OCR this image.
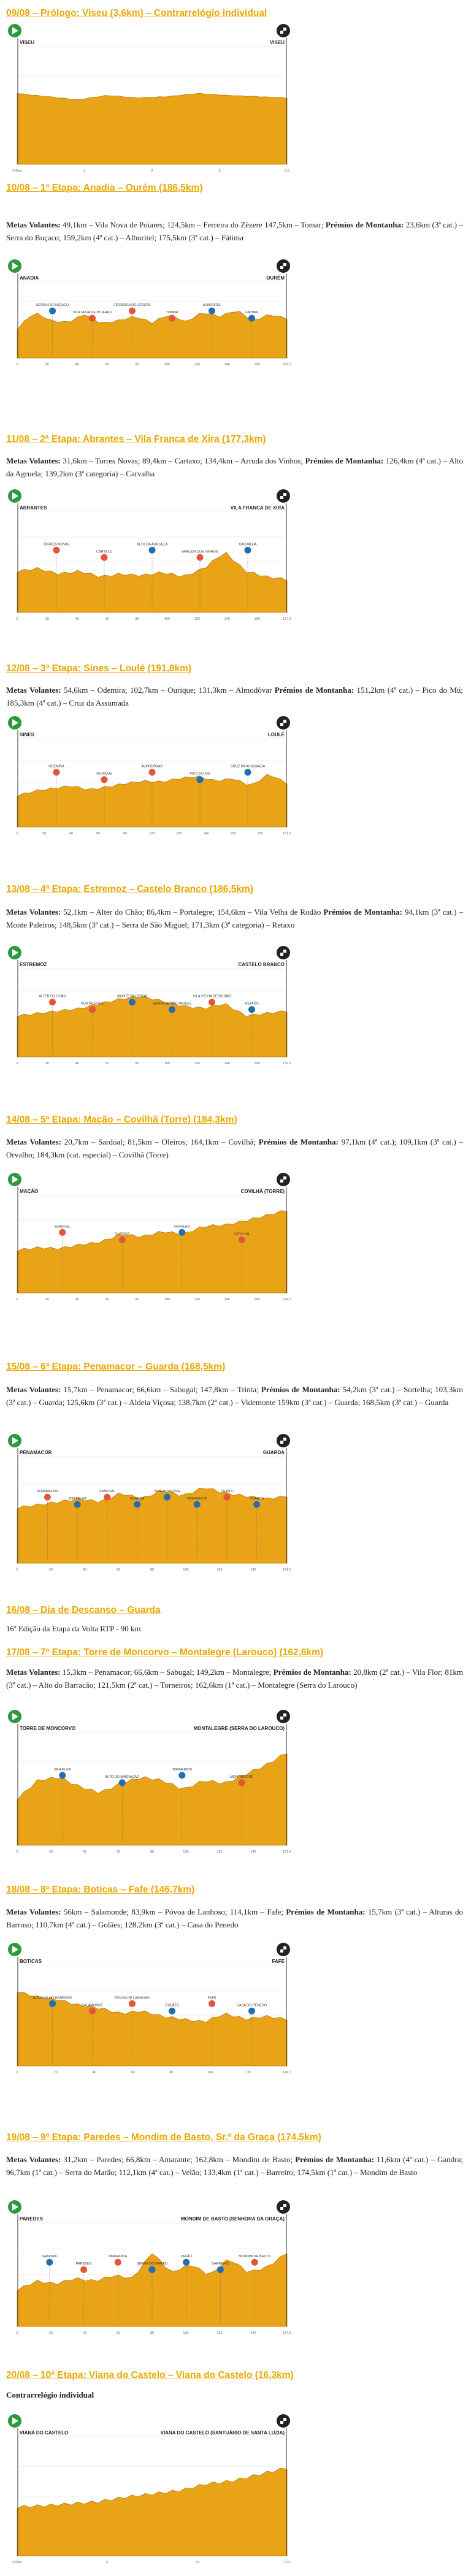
09/08 – Prólogo: Viseu (3,6km) – Contrarrelógio individual
VISEU	VISEU
0,0km	1	2	3	3,6
10/08 – 1ª Etapa: Anadia – Ourém (186,5km)
Metas Volantes: 49,1km – Vila Nova de Poiares; 124,5km – Ferreira do Zêzere 147,5km – Tomar; Prémios de Montanha: 23,6km (3ª cat.) – Serra do Buçaco; 159,2km (4ª cat.) – Alburitel; 175,5km (3ª cat.) – Fátima
ANADIA	OURÉM
0	20	40	60	80	100	120	140	160	186,5
SERRA DO BUÇACO
VILA NOVA DE POIARES
FERREIRA DO ZÊZERE
TOMAR
ALBURITEL
FÁTIMA
11/08 – 2ª Etapa: Abrantes – Vila Franca de Xira (177,3km)
Metas Volantes: 31,6km – Torres Novas; 89,4km – Cartaxo; 134,4km – Arruda dos Vinhos; Prémios de Montanha: 126,4km (4ª cat.) – Alto da Agruela; 139,2km (3ª categoria) – Carvalha
ABRANTES	VILA FRANCA DE XIRA
0	20	40	60	80	100	120	140	160	177,3
TORRES NOVAS
CARTAXO
ALTO DA AGRUELA
ARRUDA DOS VINHOS
CARVALHA
12/08 – 3ª Etapa: Sines – Loulé (191,8km)
Metas Volantes: 54,6km – Odemira; 102,7km – Ourique; 131,3km – Almodôvar Prémios de Montanha: 151,2km (4ª cat.) – Pico do Mú; 185,3km (4ª cat.) – Cruz da Assumada
SINES	LOULÉ
0	20	40	60	80	100	120	140	160	180	191,8
ODEMIRA
OURIQUE
ALMODÔVAR
PICO DO MÚ
CRUZ DA ASSUMADA
13/08 – 4ª Etapa: Estremoz – Castelo Branco (186,5km)
Metas Volantes: 52,1km – Alter do Chão; 86,4km – Portalegre; 154,6km – Vila Velha de Rodão Prémios de Montanha: 94,1km (3ª cat.) – Monte Paleiros; 148,5km (3ª cat.) – Serra de São Miguel; 171,3km (3ª categoria) – Retaxo
ESTREMOZ	CASTELO BRANCO
0	20	40	60	80	100	120	140	160	186,5
ALTER DO CHÃO
PORTALEGRE
MONTE PALEIROS
SERRA DE SÃO MIGUEL
VILA VELHA DE RODÃO
RETAXO
14/08 – 5ª Etapa: Mação – Covilhã (Torre) (184,3km)
Metas Volantes: 20,7km – Sardoal; 81,5km – Oleiros; 164,1km – Covilhã; Prémios de Montanha: 97,1km (4ª cat.); 109,1km (3ª cat.) – Orvalho; 184,3km (cat. especial) – Covilhã (Torre)
MAÇÃO	COVILHÃ (TORRE)
0	20	40	60	80	100	120	140	160	184,3
SARDOAL
OLEIROS
ORVALHO
COVILHÃ
15/08 – 6ª Etapa: Penamacor – Guarda (168,5km)
Metas Volantes: 15,7km – Penamacor; 66,6km – Sabugal; 147,8km – Trinta; Prémios de Montanha: 54,2km (3ª cat.) – Sortelha; 103,3km (3ª cat.) – Guarda; 125,6km (3ª cat.) – Aldeia Viçosa; 138,7km (2ª cat.) – Videmonte 159km (3ª cat.) – Guarda; 168,5km (3ª cat.) – Guarda
PENAMACOR	GUARDA
0	20	40	60	80	100	120	140	168,5
PENAMACOR
SORTELHA
SABUGAL
GUARDA
ALDEIA VIÇOSA
VIDEMONTE
TRINTA
GUARDA
16/08 – Dia de Descanso – Guarda
16ª Edição da Etapa da Volta RTP - 90 km
17/08 – 7ª Etapa: Torre de Moncorvo – Montalegre (Larouco) (162,6km)
Metas Volantes: 15,3km – Penamacor; 66,6km – Sabugal; 149,2km – Montalegre; Prémios de Montanha: 20,8km (2ª cat.) – Vila Flor; 81km (3ª cat.) – Alto do Barracão; 121,5km (2ª cat.) – Torneiros; 162,6km (1ª cat.) – Montalegre (Serra do Larouco)
TORRE DE MONCORVO	MONTALEGRE (SERRA DO LAROUCO)
0	20	40	60	80	100	120	140	162,6
VILA FLOR
ALTO DO BARRACÃO
TORNEIROS
MONTALEGRE
18/08 – 8ª Etapa: Boticas – Fafe (146,7km)
Metas Volantes: 56km – Salamonde; 83,9km – Póvoa de Lanhoso; 114,1km – Fafe; Prémios de Montanha: 15,7km (3ª cat.) – Alturas do Barroso; 110,7km (4ª cat.) – Golães; 128,2km (3ª cat.) – Casa do Penedo
BOTICAS	FAFE
0	20	40	60	80	100	120	146,7
ALTURAS DO BARROSO
SALAMONDE
PÓVOA DE LANHOSO
GOLÃES
FAFE
CASA DO PENEDO
19/08 – 9ª Etapa: Paredes – Mondim de Basto, Sr.ª da Graça (174,5km)
Metas Volantes: 31,2km – Paredes; 66,8km – Amarante; 162,8km – Mondim de Basto; Prémios de Montanha: 11,6km (4ª cat.) – Gandra; 96,7km (1ª cat.) – Serra do Marão; 112,1km (4ª cat.) – Velão; 133,4km (1ª cat.) – Barreiro; 174,5km (1ª cat.) – Mondim de Basto
PAREDES	MONDIM DE BASTO (SENHORA DA GRAÇA)
0	20	40	60	80	100	120	140	174,5
GANDRA
PAREDES
AMARANTE
SERRA DO MARÃO
VELÃO
BARREIRO
MONDIM DE BASTO
20/08 – 10ª Etapa: Viana do Castelo – Viana do Castelo (16,3km)
Contrarrelógio individual
VIANA DO CASTELO	VIANA DO CASTELO (SANTUÁRIO DE SANTA LUZIA)
0,0km	5	10	16,3
